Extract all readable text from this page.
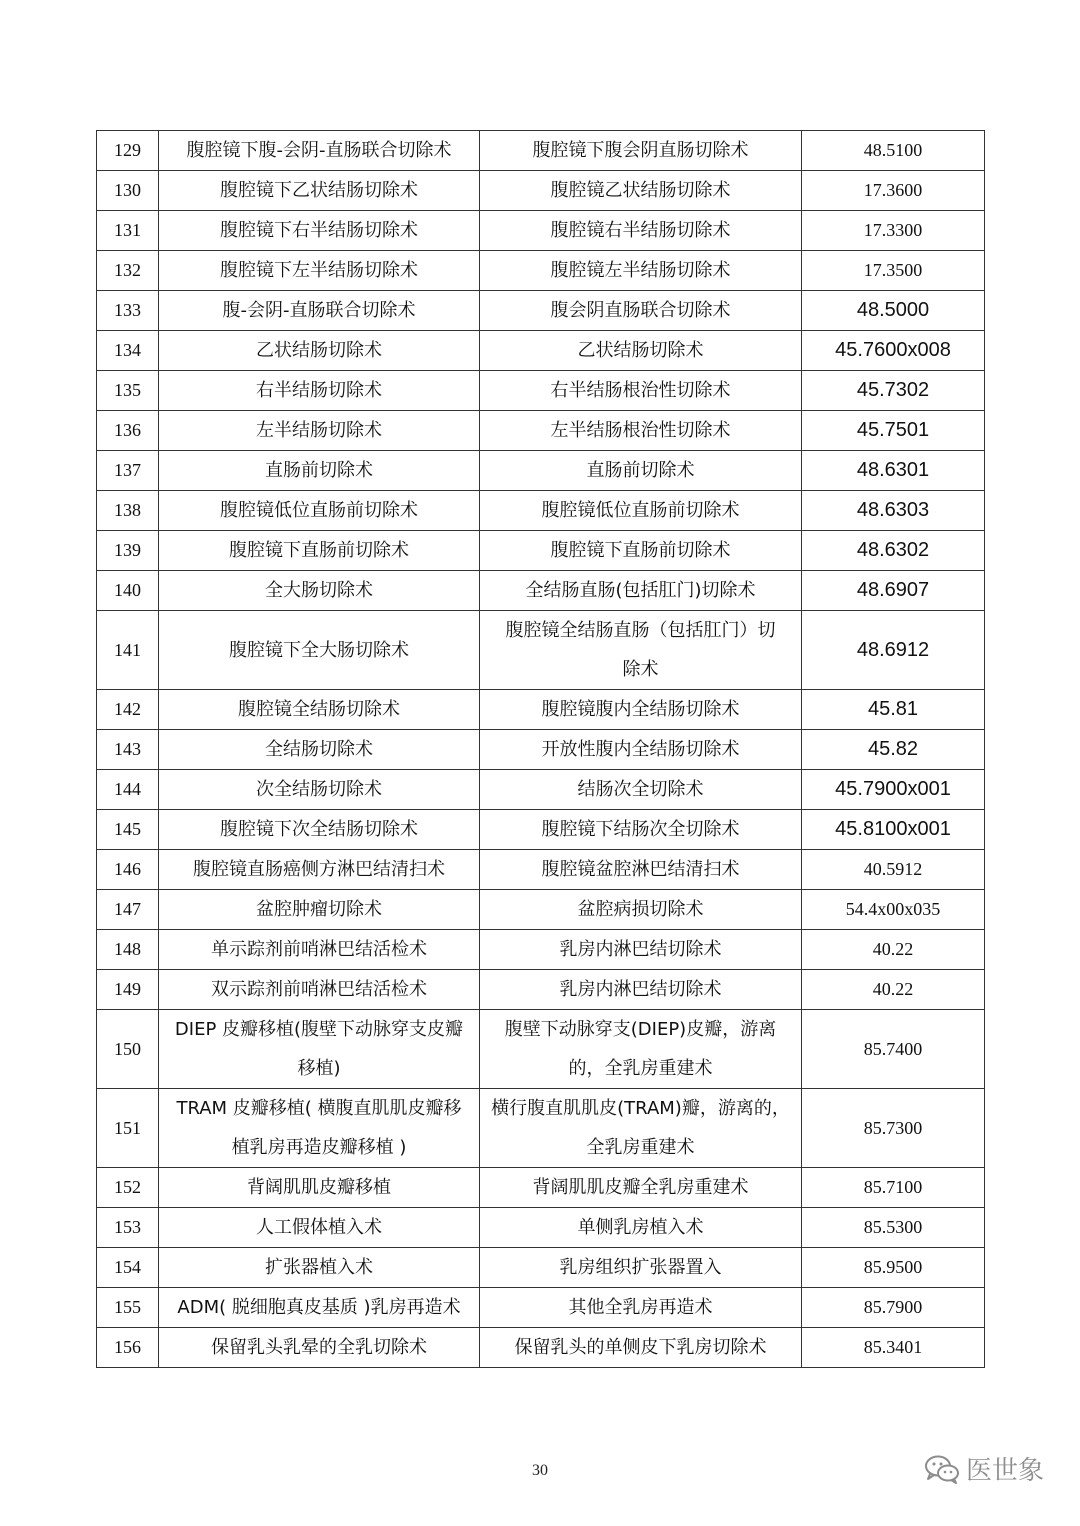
129	腹腔镜下腹-会阴-直肠联合切除术	腹腔镜下腹会阴直肠切除术	48.5100
130	腹腔镜下乙状结肠切除术	腹腔镜乙状结肠切除术	17.3600
131	腹腔镜下右半结肠切除术	腹腔镜右半结肠切除术	17.3300
132	腹腔镜下左半结肠切除术	腹腔镜左半结肠切除术	17.3500
133	腹-会阴-直肠联合切除术	腹会阴直肠联合切除术	48.5000
134	乙状结肠切除术	乙状结肠切除术	45.7600x008
135	右半结肠切除术	右半结肠根治性切除术	45.7302
136	左半结肠切除术	左半结肠根治性切除术	45.7501
137	直肠前切除术	直肠前切除术	48.6301
138	腹腔镜低位直肠前切除术	腹腔镜低位直肠前切除术	48.6303
139	腹腔镜下直肠前切除术	腹腔镜下直肠前切除术	48.6302
140	全大肠切除术	全结肠直肠(包括肛门)切除术	48.6907
141	腹腔镜下全大肠切除术	腹腔镜全结肠直肠（包括肛门）切
除术	48.6912
142	腹腔镜全结肠切除术	腹腔镜腹内全结肠切除术	45.81
143	全结肠切除术	开放性腹内全结肠切除术	45.82
144	次全结肠切除术	结肠次全切除术	45.7900x001
145	腹腔镜下次全结肠切除术	腹腔镜下结肠次全切除术	45.8100x001
146	腹腔镜直肠癌侧方淋巴结清扫术	腹腔镜盆腔淋巴结清扫术	40.5912
147	盆腔肿瘤切除术	盆腔病损切除术	54.4x00x035
148	单示踪剂前哨淋巴结活检术	乳房内淋巴结切除术	40.22
149	双示踪剂前哨淋巴结活检术	乳房内淋巴结切除术	40.22
150	DIEP 皮瓣移植(腹壁下动脉穿支皮瓣
移植)	腹壁下动脉穿支(DIEP)皮瓣，游离
的，全乳房重建术	85.7400
151	TRAM 皮瓣移植( 横腹直肌肌皮瓣移
植乳房再造皮瓣移植 )	横行腹直肌肌皮(TRAM)瓣，游离的，
全乳房重建术	85.7300
152	背阔肌肌皮瓣移植	背阔肌肌皮瓣全乳房重建术	85.7100
153	人工假体植入术	单侧乳房植入术	85.5300
154	扩张器植入术	乳房组织扩张器置入	85.9500
155	ADM( 脱细胞真皮基质 )乳房再造术	其他全乳房再造术	85.7900
156	保留乳头乳晕的全乳切除术	保留乳头的单侧皮下乳房切除术	85.3401
30	医世象
